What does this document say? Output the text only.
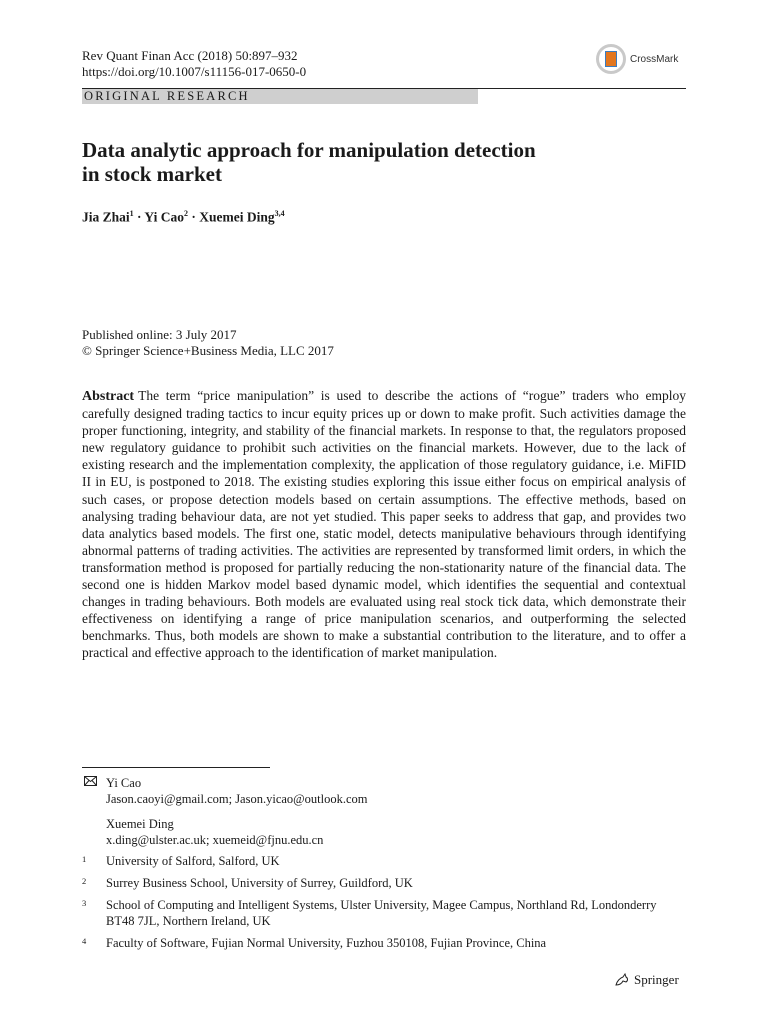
Rev Quant Finan Acc (2018) 50:897–932
https://doi.org/10.1007/s11156-017-0650-0
CrossMark
ORIGINAL RESEARCH
Data analytic approach for manipulation detection
in stock market
Jia Zhai$^1$ · Yi Cao$^2$ · Xuemei Ding$^{3,4}$
Published online: 3 July 2017
© Springer Science+Business Media, LLC 2017
Abstract The term “price manipulation” is used to describe the actions of “rogue” traders who employ carefully designed trading tactics to incur equity prices up or down to make profit. Such activities damage the proper functioning, integrity, and stability of the financial markets. In response to that, the regulators proposed new regulatory guidance to prohibit such activities on the financial markets. However, due to the lack of existing research and the implementation complexity, the application of those regulatory guidance, i.e. MiFID II in EU, is postponed to 2018. The existing studies exploring this issue either focus on empirical analysis of such cases, or propose detection models based on certain assumptions. The effective methods, based on analysing trading behaviour data, are not yet studied. This paper seeks to address that gap, and provides two data analytics based models. The first one, static model, detects manipulative behaviours through identifying abnormal patterns of trading activities. The activities are represented by transformed limit orders, in which the transformation method is proposed for partially reducing the non-stationarity nature of the financial data. The second one is hidden Markov model based dynamic model, which identifies the sequential and contextual changes in trading behaviours. Both models are evaluated using real stock tick data, which demonstrate their effectiveness on identifying a range of price manipulation scenarios, and outperforming the selected benchmarks. Thus, both models are shown to make a substantial contribution to the literature, and to offer a practical and effective approach to the identification of market manipulation.
Yi Cao
Jason.caoyi@gmail.com; Jason.yicao@outlook.com
Xuemei Ding
x.ding@ulster.ac.uk; xuemeid@fjnu.edu.cn
1	University of Salford, Salford, UK
2	Surrey Business School, University of Surrey, Guildford, UK
3	School of Computing and Intelligent Systems, Ulster University, Magee Campus, Northland Rd, Londonderry BT48 7JL, Northern Ireland, UK
4	Faculty of Software, Fujian Normal University, Fuzhou 350108, Fujian Province, China
Springer
